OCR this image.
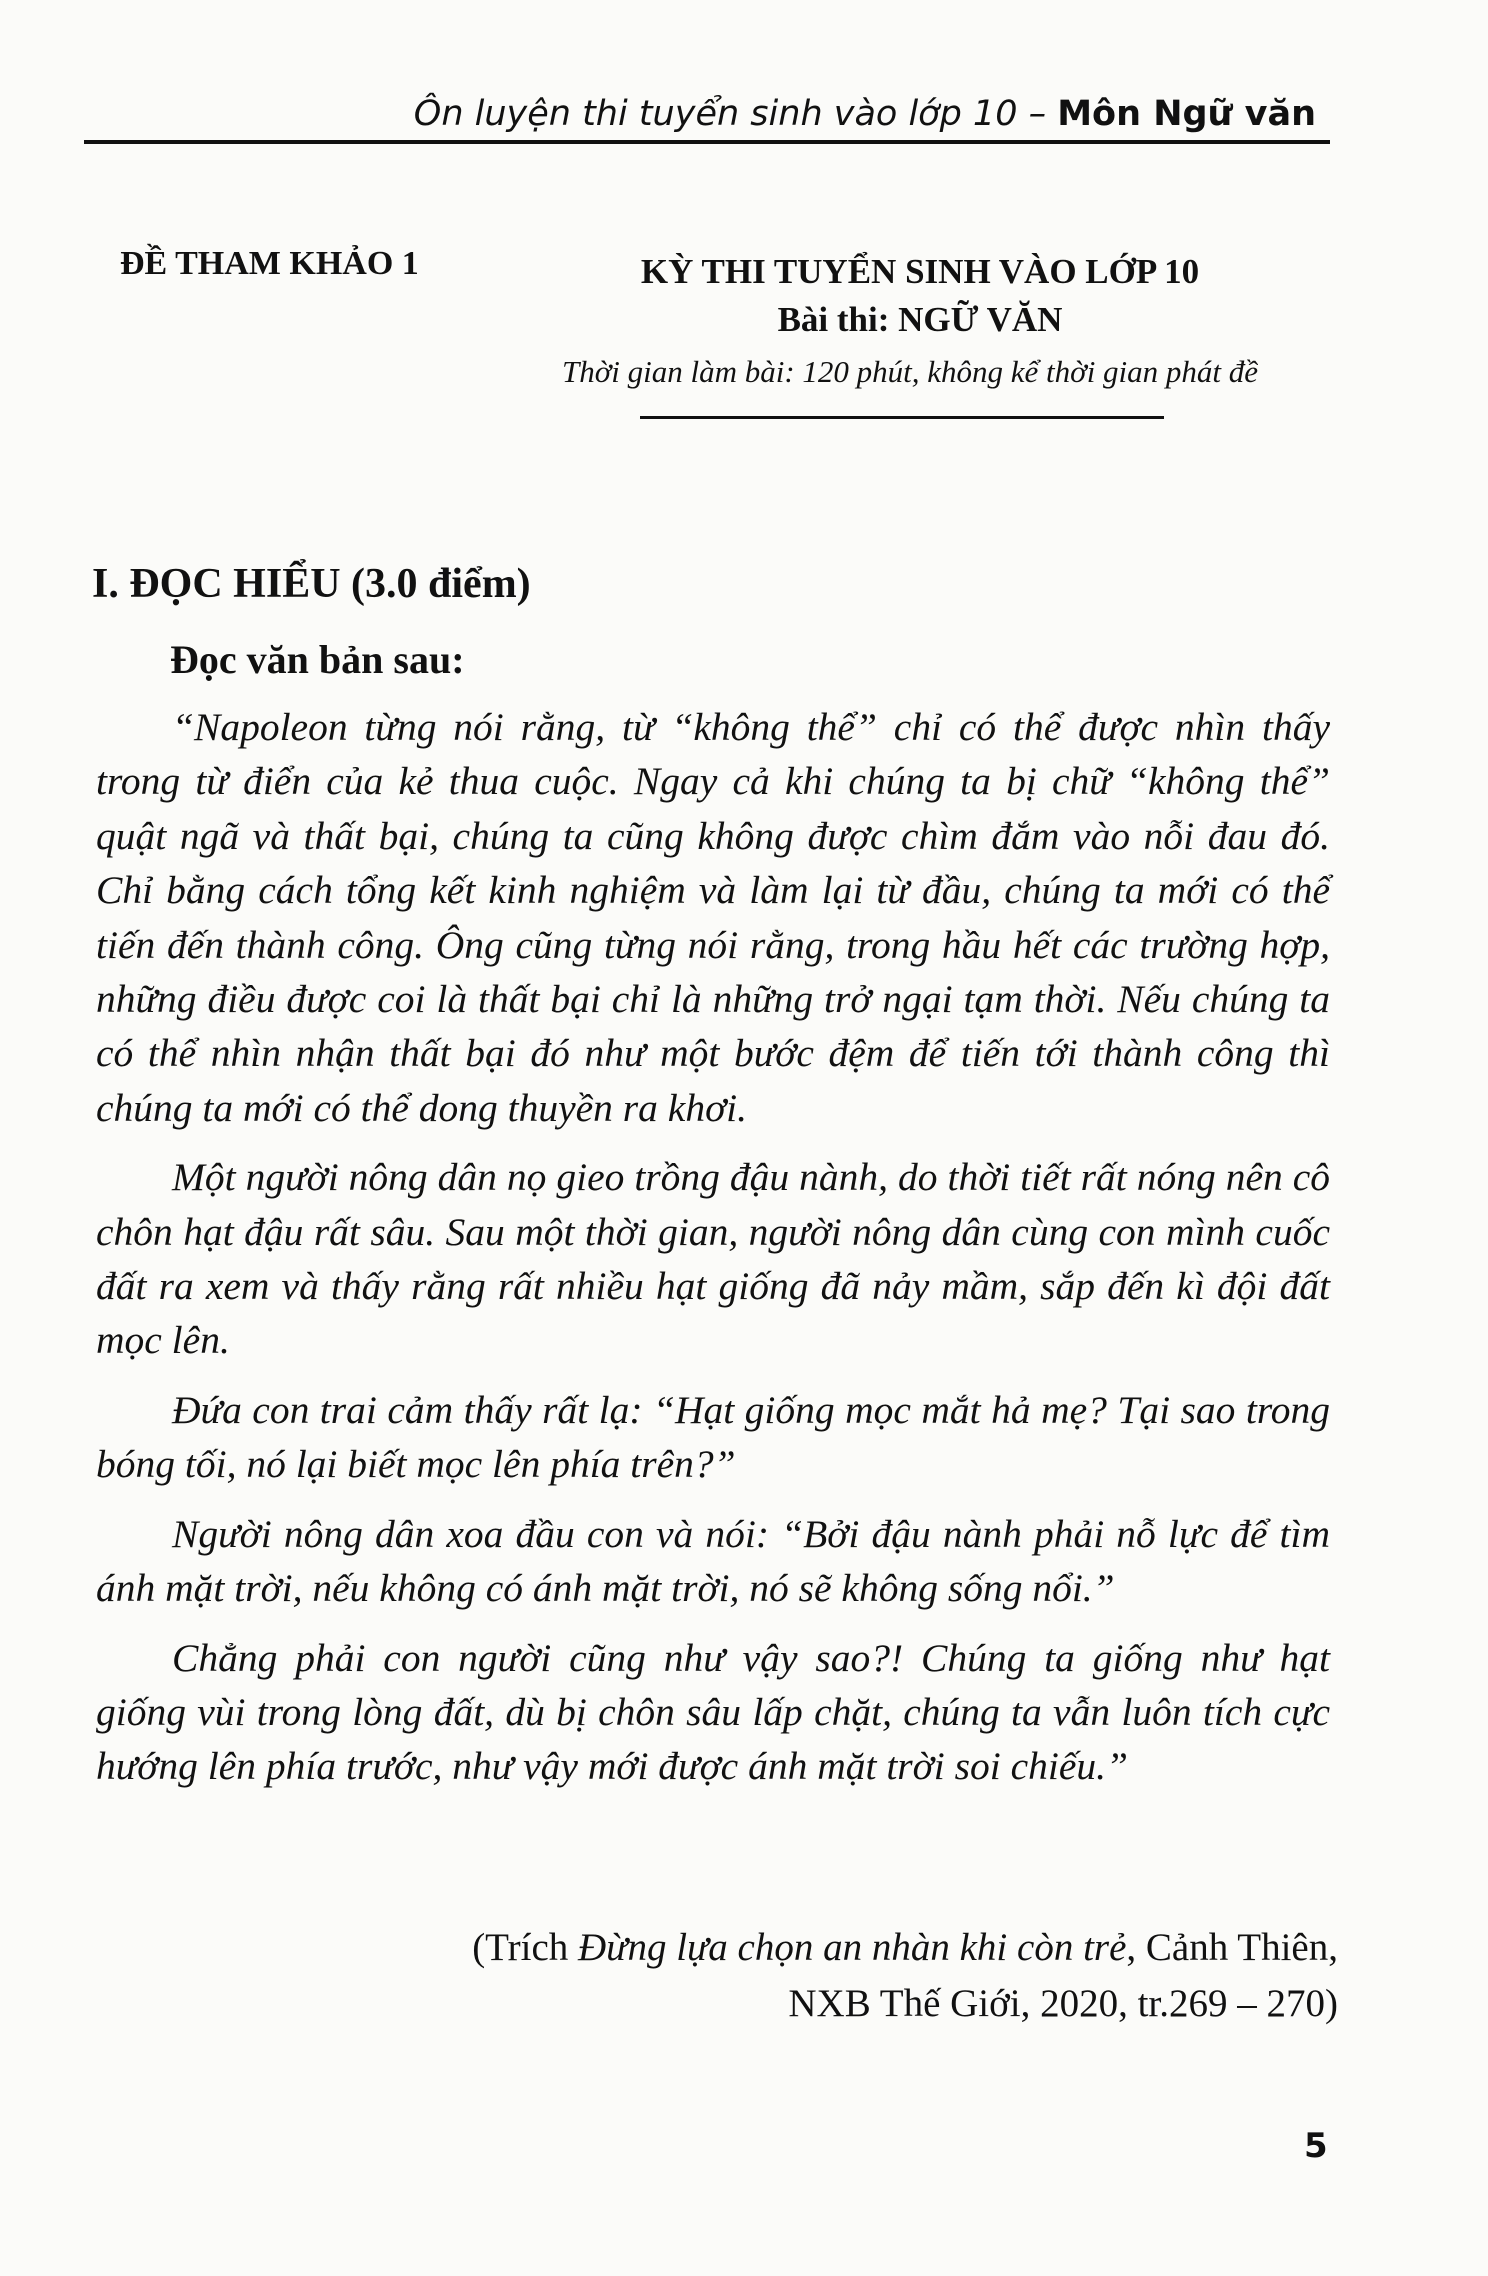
Ôn luyện thi tuyển sinh vào lớp 10 – Môn Ngữ văn
ĐỀ THAM KHẢO 1	KỲ THI TUYỂN SINH VÀO LỚP 10
Bài thi: NGỮ VĂN
Thời gian làm bài: 120 phút, không kể thời gian phát đề
I. ĐỌC HIỂU (3.0 điểm)
Đọc văn bản sau:

“Napoleon từng nói rằng, từ “không thể” chỉ có thể được nhìn thấy trong từ điển của kẻ thua cuộc. Ngay cả khi chúng ta bị chữ “không thể” quật ngã và thất bại, chúng ta cũng không được chìm đắm vào nỗi đau đó. Chỉ bằng cách tổng kết kinh nghiệm và làm lại từ đầu, chúng ta mới có thể tiến đến thành công. Ông cũng từng nói rằng, trong hầu hết các trường hợp, những điều được coi là thất bại chỉ là những trở ngại tạm thời. Nếu chúng ta có thể nhìn nhận thất bại đó như một bước đệm để tiến tới thành công thì chúng ta mới có thể dong thuyền ra khơi.

Một người nông dân nọ gieo trồng đậu nành, do thời tiết rất nóng nên cô chôn hạt đậu rất sâu. Sau một thời gian, người nông dân cùng con mình cuốc đất ra xem và thấy rằng rất nhiều hạt giống đã nảy mầm, sắp đến kì đội đất mọc lên.

Đứa con trai cảm thấy rất lạ: “Hạt giống mọc mắt hả mẹ? Tại sao trong bóng tối, nó lại biết mọc lên phía trên?”

Người nông dân xoa đầu con và nói: “Bởi đậu nành phải nỗ lực để tìm ánh mặt trời, nếu không có ánh mặt trời, nó sẽ không sống nổi.”

Chẳng phải con người cũng như vậy sao?! Chúng ta giống như hạt giống vùi trong lòng đất, dù bị chôn sâu lấp chặt, chúng ta vẫn luôn tích cực hướng lên phía trước, như vậy mới được ánh mặt trời soi chiếu.”

(Trích Đừng lựa chọn an nhàn khi còn trẻ, Cảnh Thiên,
NXB Thế Giới, 2020, tr.269 – 270)
5
